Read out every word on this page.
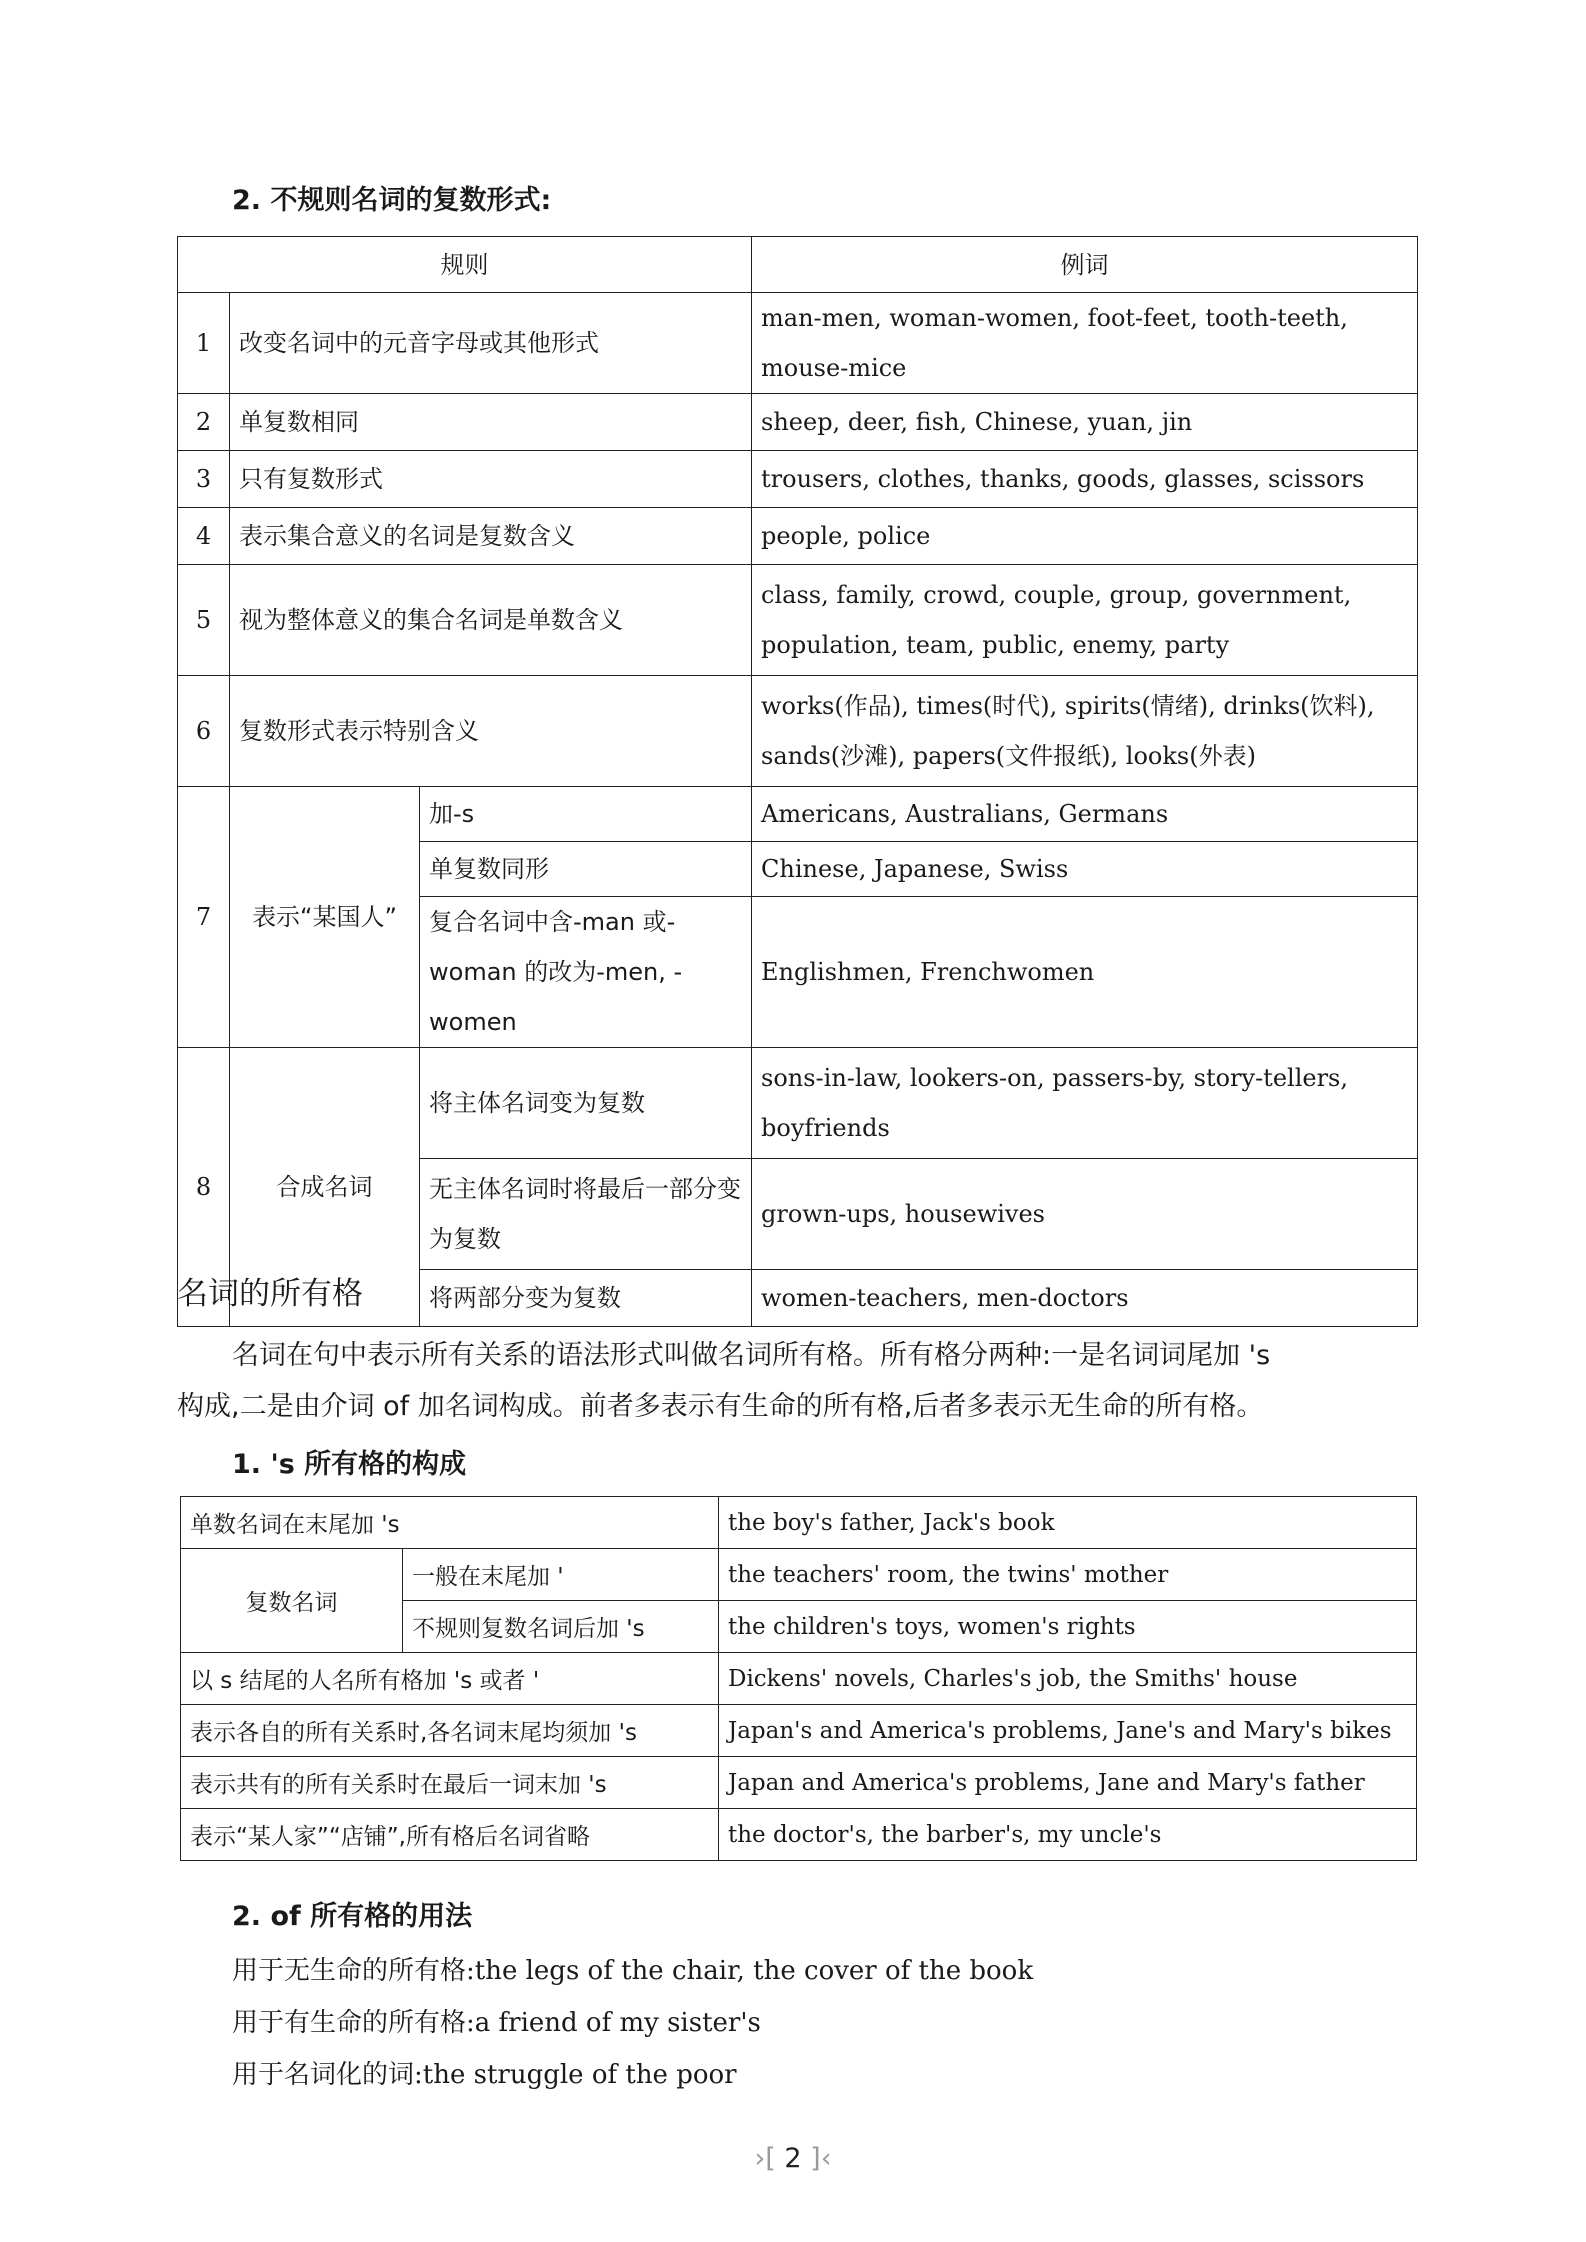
2. 不规则名词的复数形式:
规则			例词
1	改变名词中的元音字母或其他形式		man-men, woman-women, foot-feet, tooth-teeth, mouse-mice
2	单复数相同		sheep, deer, fish, Chinese, yuan, jin
3	只有复数形式		trousers, clothes, thanks, goods, glasses, scissors
4	表示集合意义的名词是复数含义		people, police
5	视为整体意义的集合名词是单数含义		class, family, crowd, couple, group, government, population, team, public, enemy, party
6	复数形式表示特别含义		works(作品), times(时代), spirits(情绪), drinks(饮料), sands(沙滩), papers(文件报纸), looks(外表)
7	表示“某国人”	加-s	Americans, Australians, Germans
		单复数同形	Chinese, Japanese, Swiss
		复合名词中含-man 或-woman 的改为-men, -women	Englishmen, Frenchwomen
8	合成名词	将主体名词变为复数	sons-in-law, lookers-on, passers-by, story-tellers, boyfriends
		无主体名词时将最后一部分变为复数	grown-ups, housewives
		将两部分变为复数	women-teachers, men-doctors
名词的所有格
名词在句中表示所有关系的语法形式叫做名词所有格。所有格分两种:一是名词词尾加 's
构成,二是由介词 of 加名词构成。前者多表示有生命的所有格,后者多表示无生命的所有格。
1. 's 所有格的构成
单数名词在末尾加 's		the boy's father, Jack's book
复数名词	一般在末尾加 '	the teachers' room, the twins' mother
	不规则复数名词后加 's	the children's toys, women's rights
以 s 结尾的人名所有格加 's 或者 '		Dickens' novels, Charles's job, the Smiths' house
表示各自的所有关系时,各名词末尾均须加 's		Japan's and America's problems, Jane's and Mary's bikes
表示共有的所有关系时在最后一词末加 's		Japan and America's problems, Jane and Mary's father
表示“某人家”“店铺”,所有格后名词省略		the doctor's, the barber's, my uncle's
2. of 所有格的用法
用于无生命的所有格:the legs of the chair, the cover of the book
用于有生命的所有格:a friend of my sister's
用于名词化的词:the struggle of the poor
›[ 2 ]‹
